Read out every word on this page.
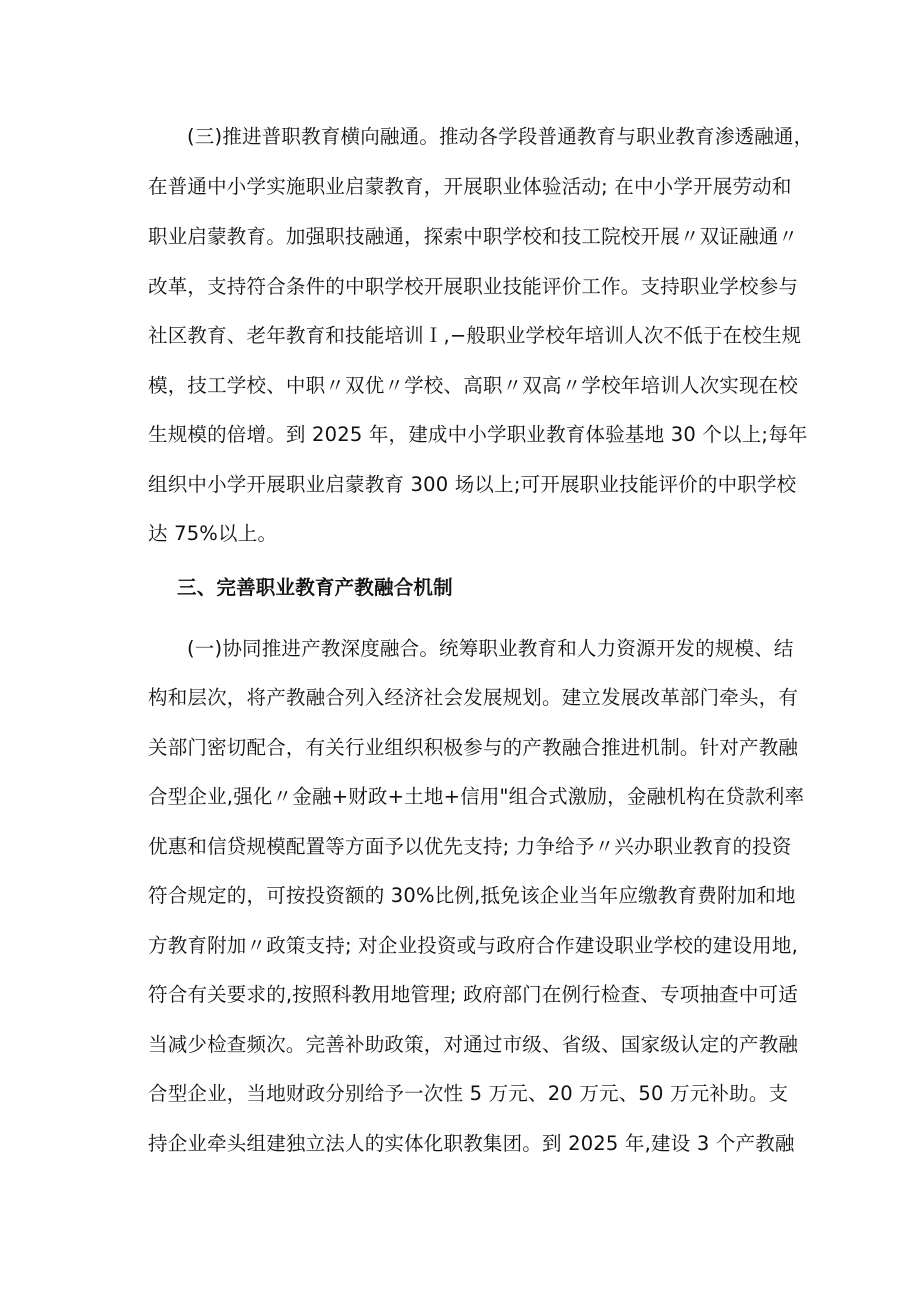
(三)推进普职教育横向融通。推动各学段普通教育与职业教育渗透融通，
在普通中小学实施职业启蒙教育，开展职业体验活动; 在中小学开展劳动和
职业启蒙教育。加强职技融通，探索中职学校和技工院校开展〃双证融通〃
改革，支持符合条件的中职学校开展职业技能评价工作。支持职业学校参与
社区教育、老年教育和技能培训Ｉ,−般职业学校年培训人次不低于在校生规
模，技工学校、中职〃双优〃学校、高职〃双高〃学校年培训人次实现在校
生规模的倍增。到 2025 年，建成中小学职业教育体验基地 30 个以上;每年
组织中小学开展职业启蒙教育 300 场以上;可开展职业技能评价的中职学校
达 75%以上。
三、完善职业教育产教融合机制
(一)协同推进产教深度融合。统筹职业教育和人力资源开发的规模、结
构和层次，将产教融合列入经济社会发展规划。建立发展改革部门牵头，有
关部门密切配合，有关行业组织积极参与的产教融合推进机制。针对产教融
合型企业,强化〃金融+财政+土地+信用"组合式激励，金融机构在贷款利率
优惠和信贷规模配置等方面予以优先支持; 力争给予〃兴办职业教育的投资
符合规定的，可按投资额的 30%比例,抵免该企业当年应缴教育费附加和地
方教育附加〃政策支持; 对企业投资或与政府合作建设职业学校的建设用地,
符合有关要求的,按照科教用地管理; 政府部门在例行检查、专项抽查中可适
当减少检查频次。完善补助政策，对通过市级、省级、国家级认定的产教融
合型企业，当地财政分别给予一次性 5 万元、20 万元、50 万元补助。支
持企业牵头组建独立法人的实体化职教集团。到 2025 年,建设 3 个产教融
